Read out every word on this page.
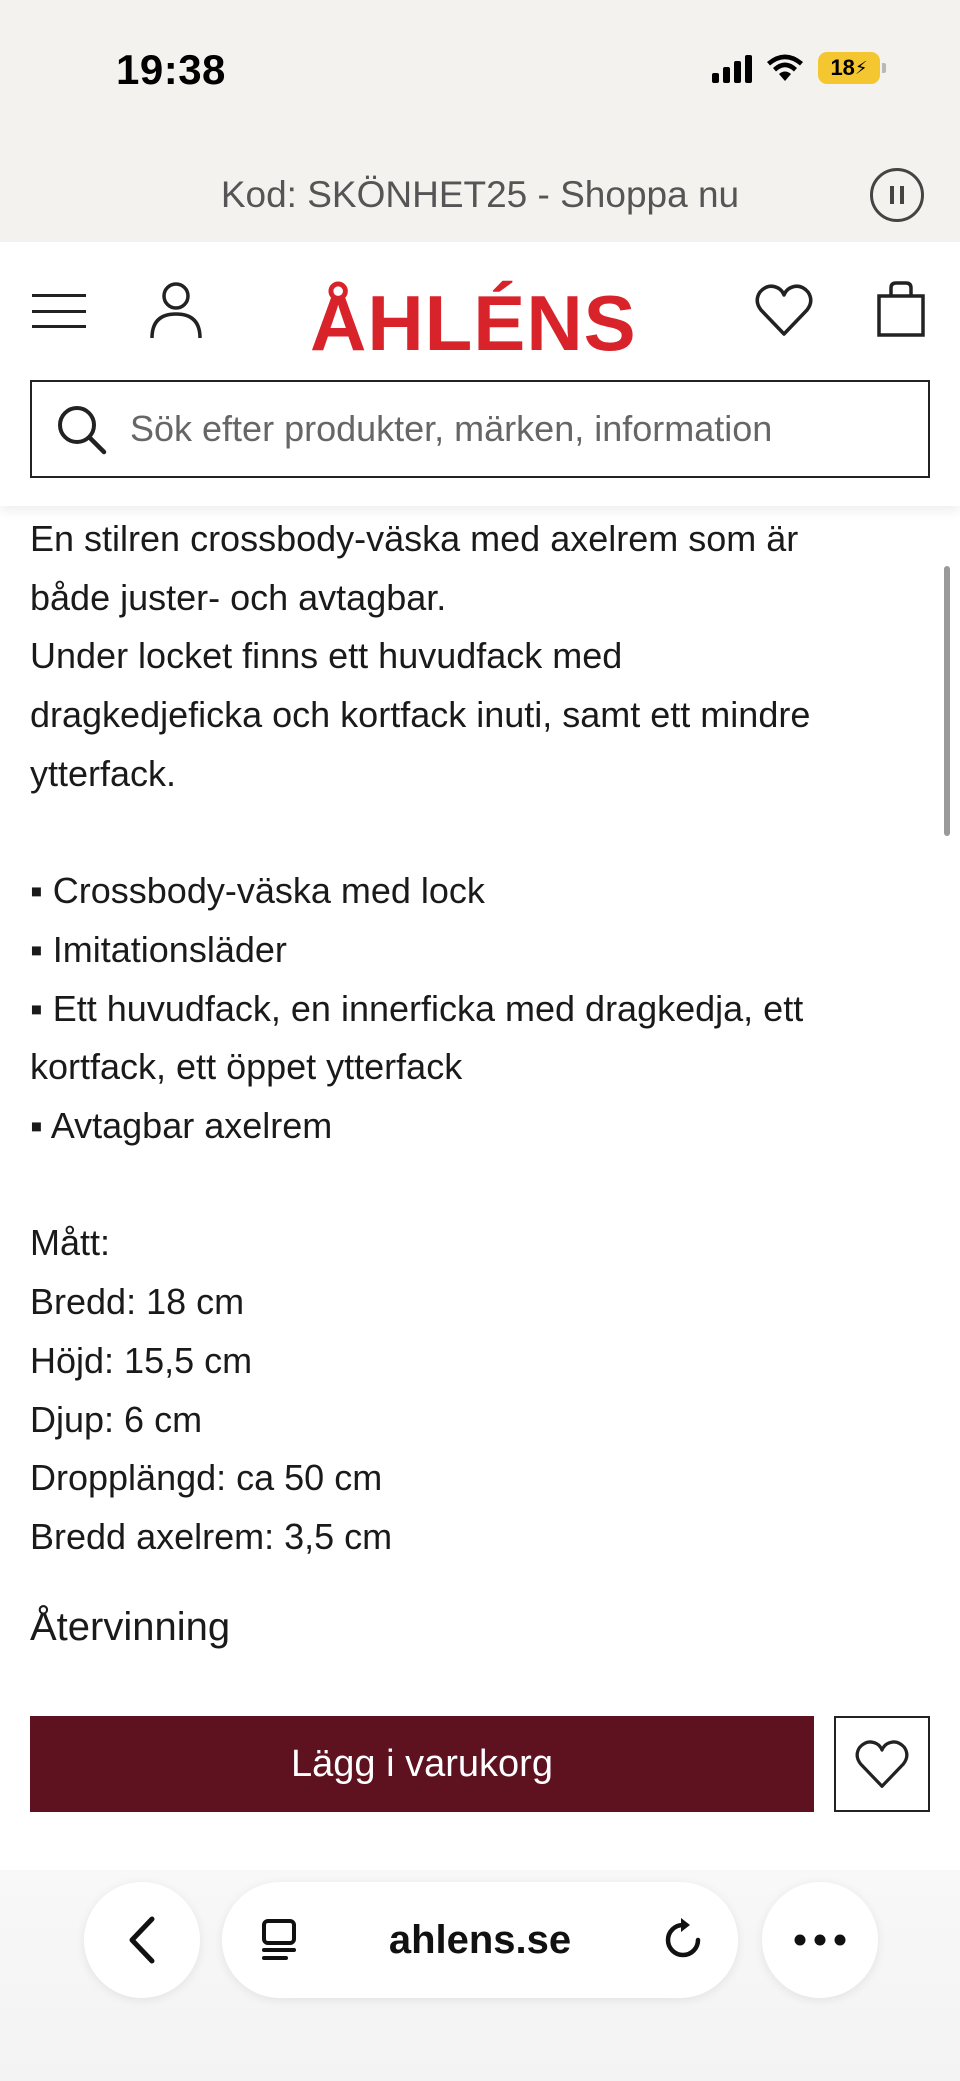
19:38	18 ⚡
Kod: SKÖNHET25 - Shoppa nu
ÅHLÉNS
Sök efter produkter, märken, information
En stilren crossbody-väska med axelrem som är
både juster- och avtagbar.
Under locket finns ett huvudfack med
dragkedjeficka och kortfack inuti, samt ett mindre
ytterfack.
▪ Crossbody-väska med lock
▪ Imitationsläder
▪ Ett huvudfack, en innerficka med dragkedja, ett
kortfack, ett öppet ytterfack
▪ Avtagbar axelrem
Mått:
Bredd: 18 cm
Höjd: 15,5 cm
Djup: 6 cm
Dropplängd: ca 50 cm
Bredd axelrem: 3,5 cm
Återvinning
Lägg i varukorg
ahlens.se
